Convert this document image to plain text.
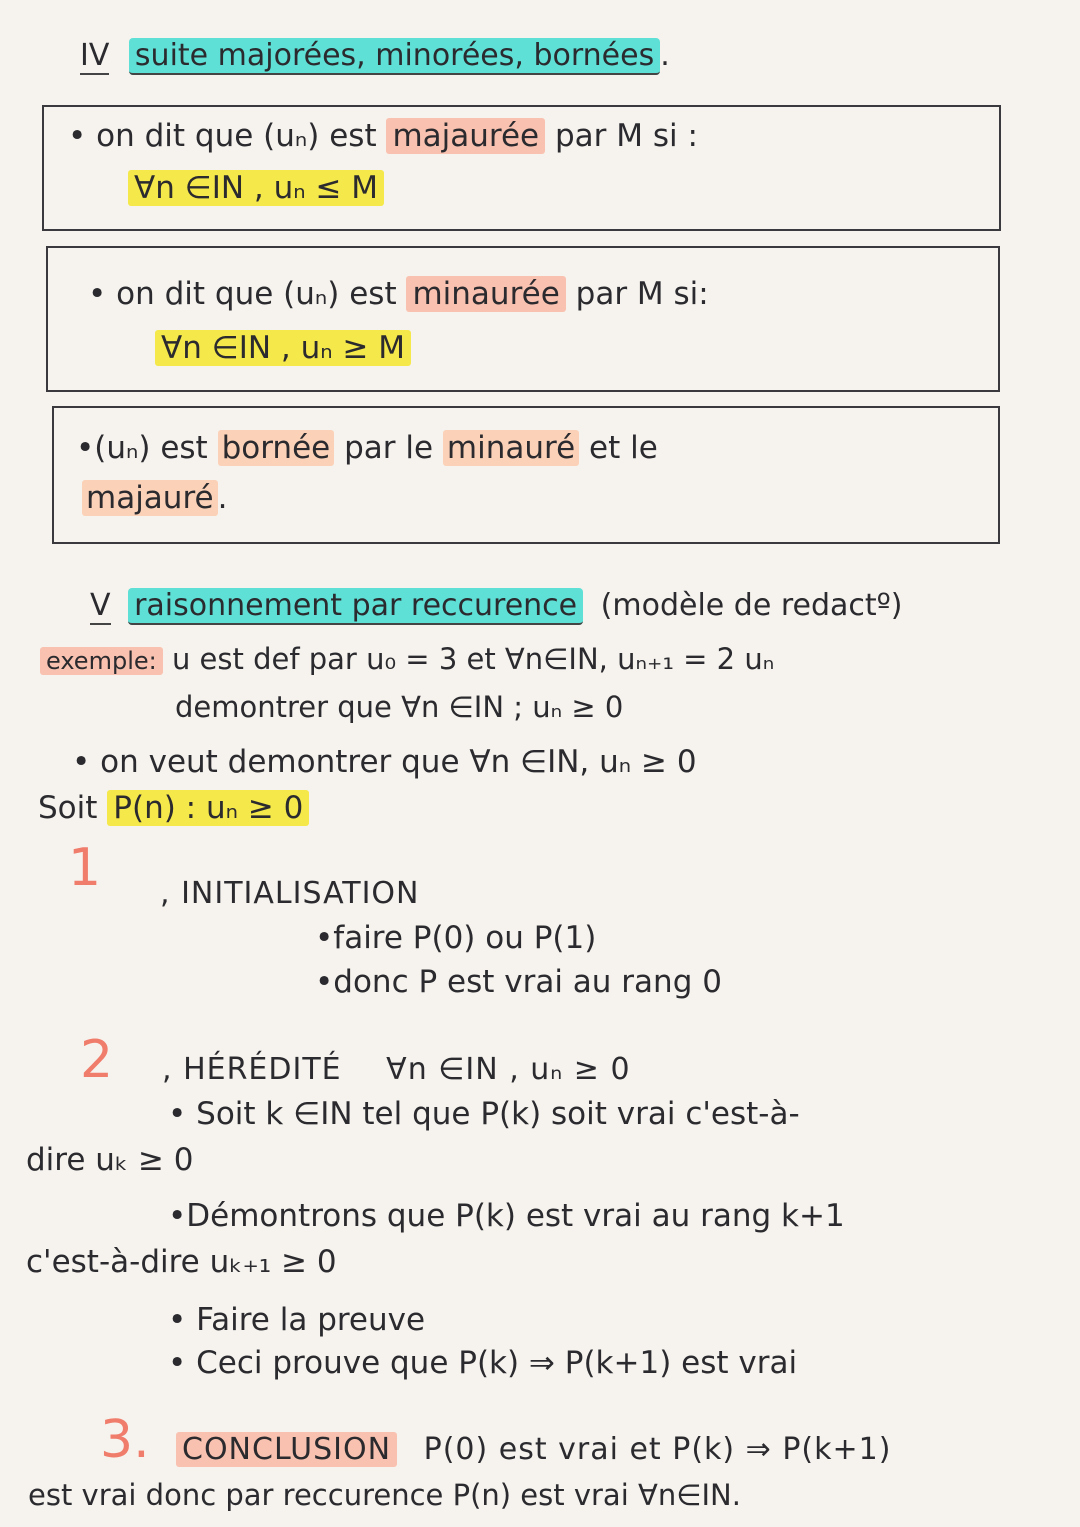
IV suite majorées, minorées, bornées .
• on dit que (uₙ) est majaurée par M si :
∀n ∈IN , uₙ ≤ M
• on dit que (uₙ) est minaurée par M si:
∀n ∈IN , uₙ ≥ M
•(uₙ) est bornée par le minauré et le
majauré .
V raisonnement par reccurence (modèle de redactº)
exemple: u est def par u₀ = 3 et ∀n∈IN, uₙ₊₁ = 2 uₙ
demontrer que ∀n ∈IN ; uₙ ≥ 0
• on veut demontrer que ∀n ∈IN, uₙ ≥ 0
Soit P(n) : uₙ ≥ 0
1 , INITIALISATION
•faire P(0) ou P(1)
•donc P est vrai au rang 0
2 , HÉRÉDITÉ ∀n ∈IN , uₙ ≥ 0
• Soit k ∈IN tel que P(k) soit vrai c'est-à-
dire uₖ ≥ 0
•Démontrons que P(k) est vrai au rang k+1
c'est-à-dire uₖ₊₁ ≥ 0
• Faire la preuve
• Ceci prouve que P(k) ⇒ P(k+1) est vrai
3. CONCLUSION P(0) est vrai et P(k) ⇒ P(k+1)
est vrai donc par reccurence P(n) est vrai ∀n∈IN.
